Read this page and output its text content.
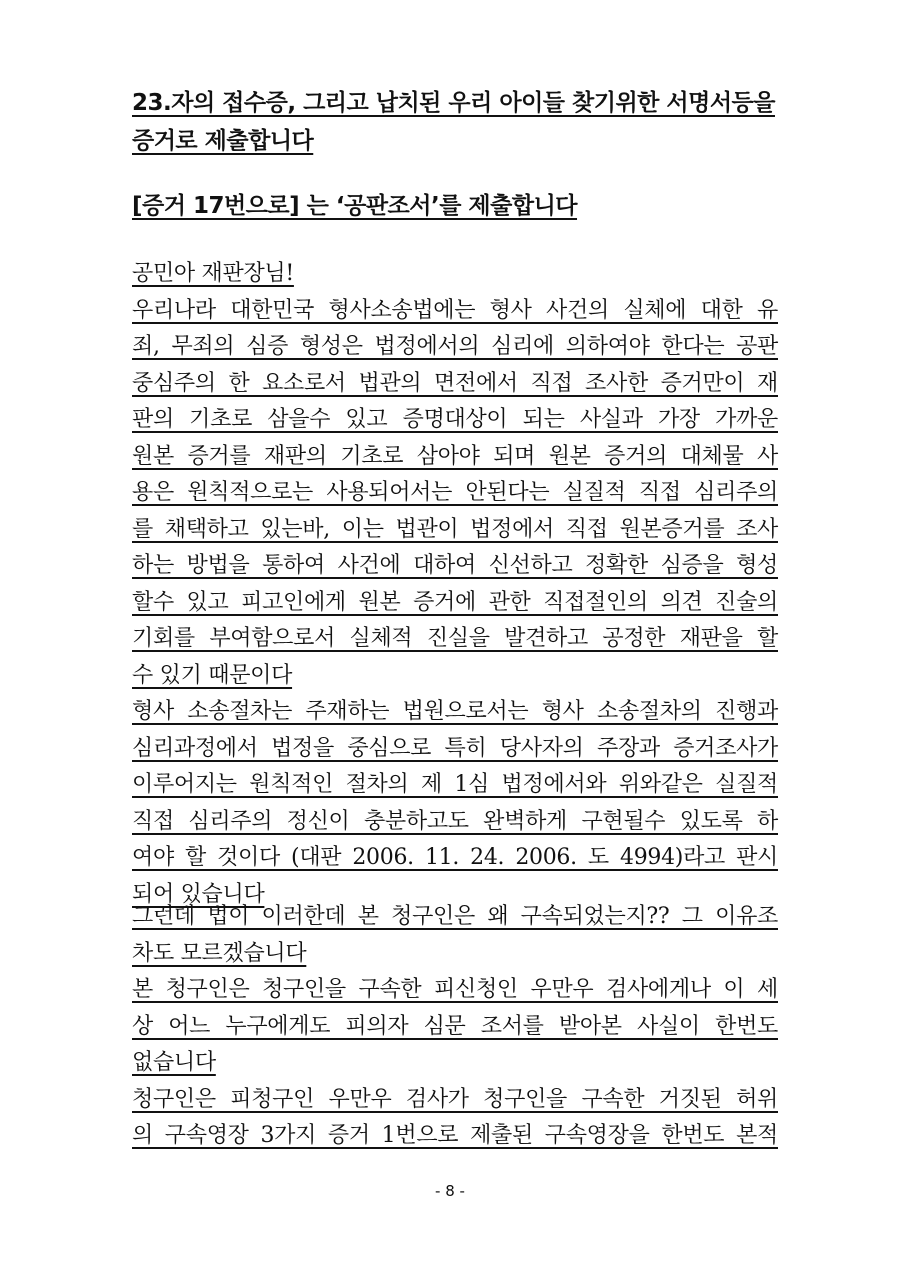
23.자의 접수증, 그리고 납치된 우리 아이들 찾기위한 서명서등을 증거로 제출합니다

[증거 17번으로] 는 ‘공판조서’를 제출합니다

공민아 재판장님!
우리나라 대한민국 형사소송법에는 형사 사건의 실체에 대한 유
죄, 무죄의 심증 형성은 법정에서의 심리에 의하여야 한다는 공판
중심주의 한 요소로서 법관의 면전에서 직접 조사한 증거만이 재
판의 기초로 삼을수 있고 증명대상이 되는 사실과 가장 가까운
원본 증거를 재판의 기초로 삼아야 되며 원본 증거의 대체물 사
용은 원칙적으로는 사용되어서는 안된다는 실질적 직접 심리주의
를 채택하고 있는바, 이는 법관이 법정에서 직접 원본증거를 조사
하는 방법을 통하여 사건에 대하여 신선하고 정확한 심증을 형성
할수 있고 피고인에게 원본 증거에 관한 직접절인의 의견 진술의
기회를 부여함으로서 실체적 진실을 발견하고 공정한 재판을 할
수 있기 때문이다
형사 소송절차는 주재하는 법원으로서는 형사 소송절차의 진행과
심리과정에서 법정을 중심으로 특히 당사자의 주장과 증거조사가
이루어지는 원칙적인 절차의 제 1심 법정에서와 위와같은 실질적
직접 심리주의 정신이 충분하고도 완벽하게 구현될수 있도록 하
여야 할 것이다 (대판 2006. 11. 24. 2006. 도 4994)라고 판시
되어 있습니다
그런데 법이 이러한데 본 청구인은 왜 구속되었는지?? 그 이유조
차도 모르겠습니다
본 청구인은 청구인을 구속한 피신청인 우만우 검사에게나 이 세
상 어느 누구에게도 피의자 심문 조서를 받아본 사실이 한번도
없습니다
청구인은 피청구인 우만우 검사가 청구인을 구속한 거짓된 허위
의 구속영장 3가지 증거 1번으로 제출된 구속영장을 한번도 본적
- 8 -
